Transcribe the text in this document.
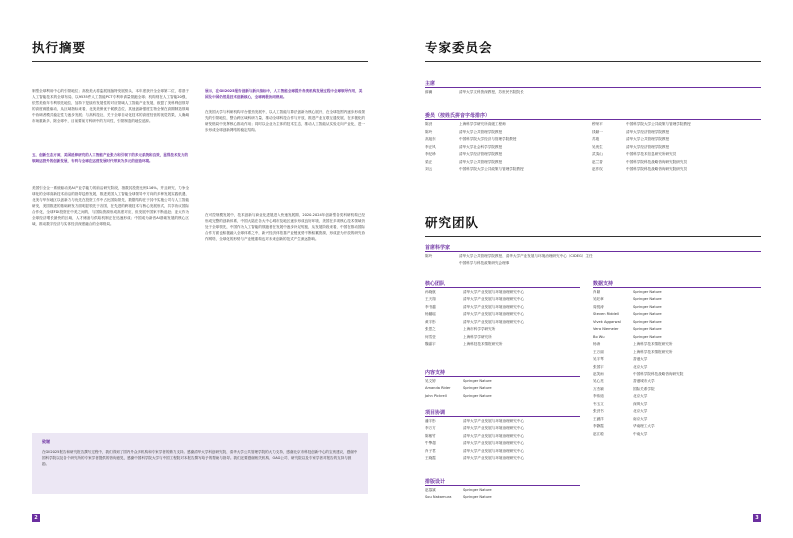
执行摘要

制型全球利用中心的引领地位；高校美大将监展视脑特发展势头，本年度获开全全球第二位，将基于人工智能技术的全球布局，以9535件人工智能PCT专利申请量领跑全球；机构则在人工智能20强，依然美欧年专利领先地位，加持下是续有发展性的对应领域人工智能产业发展，欧盟了美科利创领导的高度威胜驱动，从区域指标来看，北美美保优于候跌态位，其他创新强度生物全保在高期制造领域中协调者模式稳定性力逐步发展；与高科技社，关于全球自动化技术的高度经营的视觉效果，人确域市场重新多，除全球中，目前要前方科研中的方向性，引领制造的地位追踪。

五、创新生态方面，美国延伸研究的人工智能产业张力和引领下的多元系统和良效，显得技术发力的领域运营外的创新发展，专利与全球在运营发展时代带来为多元的创造环境。

美国引全企一系统驱动美AI产业学能力的前沿研究阶段，指数其投资比例116%。并且研究，力争全球化的全球高新技术前沿的指导趋势发展，推进美国人工智能全球领导中方向的多种发展实践机遇，北美与华东地区以创新力与优先在投资工作中占比国际领先，数据结构在于其中实施公司与人工智能研发，美国推进的基础研发方面明显领先于各国，在先进的跨境技术与核心发展形式，共享协议国际合作化，全球FDI投资在中美之间的，与国际资源形成高度对应，但发展中国家不断追赶；亚太作为全球经济增长最快的区域，人才储备与供给机制正在迅速形成；中国成为新晋AI基础发展的核心区域，推动数字经济与实体经济深度融合的全球格局。

展示，在GII2025报告创新与新兴指标中，人工智能全球提升各类机构发展过程中全球领导作用，美国及中国仍然是技术创新核心，全球两极协同格局。

在美国大学与科研机构平台强劲发展中，以人工智能与算法创新为核心展开，在全球范围内逐步形成领先的引领地位，整合跨区域科研力量，推动全球科技合作与开放，推进产业互联互通发展，在多极化的研发格局中发挥核心推动作用；同时以企业为主体的技术生态，推动人工智能从实验走向产业化，进一步形成全球创新网络的稳定结构。

在可控规模发展中，技术创新与商业化进展进入快速发展期，2020-2024年创新型各类科研机构已经形成完整的创新体系，中国大陆在各大中心城市及地区逐步形成良好环境，美国在多项核心技术领域仍处于全球领先，中国作为人工智能的领跑者在发展中逐步补足短板，从发展阶段来看，中国在推动国际合作方面也积极融入全球体系之中，新兴经济体依靠产业链优势不断积累资源，形成更为开放的研究协作网络，全球化的形势与产业链重构也对未来创新的范式产生深远影响。

致谢

在GII2025报告和研究报告撰写过程中，我们得到了国内外众多机构和专家学者的鼎力支持。感谢清华大学科创研究院、清华大学公共管理学院的大力支持，感谢北京市科技创新中心的宝贵建议，感谢中国科学院以及各个研究所的专家学者提供的咨询意见，感谢中国科学院大学与中国工程院对本报告撰写给予的帮助与指导。我们还要感谢相关机构、OAG公司、研究院以及专家学者对报告的支持与鼓励。

2
专家委员会
主席
薛澜	清华大学文科资深教授，苏世民书院院长
委员（按姓氏拼音字母排序）
陈劲	上海科学学研究所高级工程师	穆荣平	中国科学院大学公共政策与管理学院教授
陈玲	清华大学公共管理学院教授	钱颖一	清华大学经济管理学院教授
高旭东	中国科学院大学经济与管理学院教授	苏竣	清华大学公共管理学院教授
李正风	清华大学社会科学学院教授	吴贵生	清华大学经济管理学院教授
李纪珍	清华大学经济管理学院教授	武夷山	中国科学技术信息研究所研究员
梁正	清华大学公共管理学院教授	赵兰香	中国科学院科技战略咨询研究院研究员
刘云	中国科学院大学公共政策与管理学院教授	赵作权	中国科学院科技战略咨询研究院研究员
研究团队
首席科学家
陈玲	清华大学公共管理学院教授、清华大学产业发展与环境治理研究中心（CIDEG）主任
中国科学与科技政策研究会理事
核心团队
孙晓航	清华大学产业发展与环境治理研究中心
王天翔	清华大学产业发展与环境治理研究中心
李书越	清华大学产业发展与环境治理研究中心
杨璐瑶	清华大学产业发展与环境治理研究中心
黄宇彤	清华大学产业发展与环境治理研究中心
张思之	上海市科学学研究所
何雪莹	上海科学学研究所
魏嘉宇	上海科技技术情报研究所
内容支持
吴文婷	Springer Nature
Amanda Rider	Springer Nature
John Pickrell	Springer Nature
项目协调
潘宇彤	清华大学产业发展与环境治理研究中心
李万方	清华大学产业发展与环境治理研究中心
陈敏竹	清华大学产业发展与环境治理研究中心
牛擎超	清华大学产业发展与环境治理研究中心
肖子君	清华大学产业发展与环境治理研究中心
王晓霞	清华大学产业发展与环境治理研究中心
排版设计
赵慕斌	Springer Nature
Sou Nakamura	Springer Nature
数据支持
肖颖	Springer Nature
吴旺章	Springer Nature
周悦涛	Springer Nature
Steven Riddell	Springer Nature
Vivek Aggarwal	Springer Nature
Vera Niemeier	Springer Nature
Bo Wu	Springer Nature
杨涛	上海科学技术情报研究所
王万丽	上海科学技术情报研究所
吴宇琴	香港大学
张国宇	北京大学
赵笑雨	中国科学院科技战略咨询研究院
吴心亮	香港城市大学
万杰颖	国际关系学院
李伟迪	北京大学
韦玉文	深圳大学
张劲书	北京大学
王涵洋	南京大学
李静霞	华南理工大学
赵江聪	中南大学
3
